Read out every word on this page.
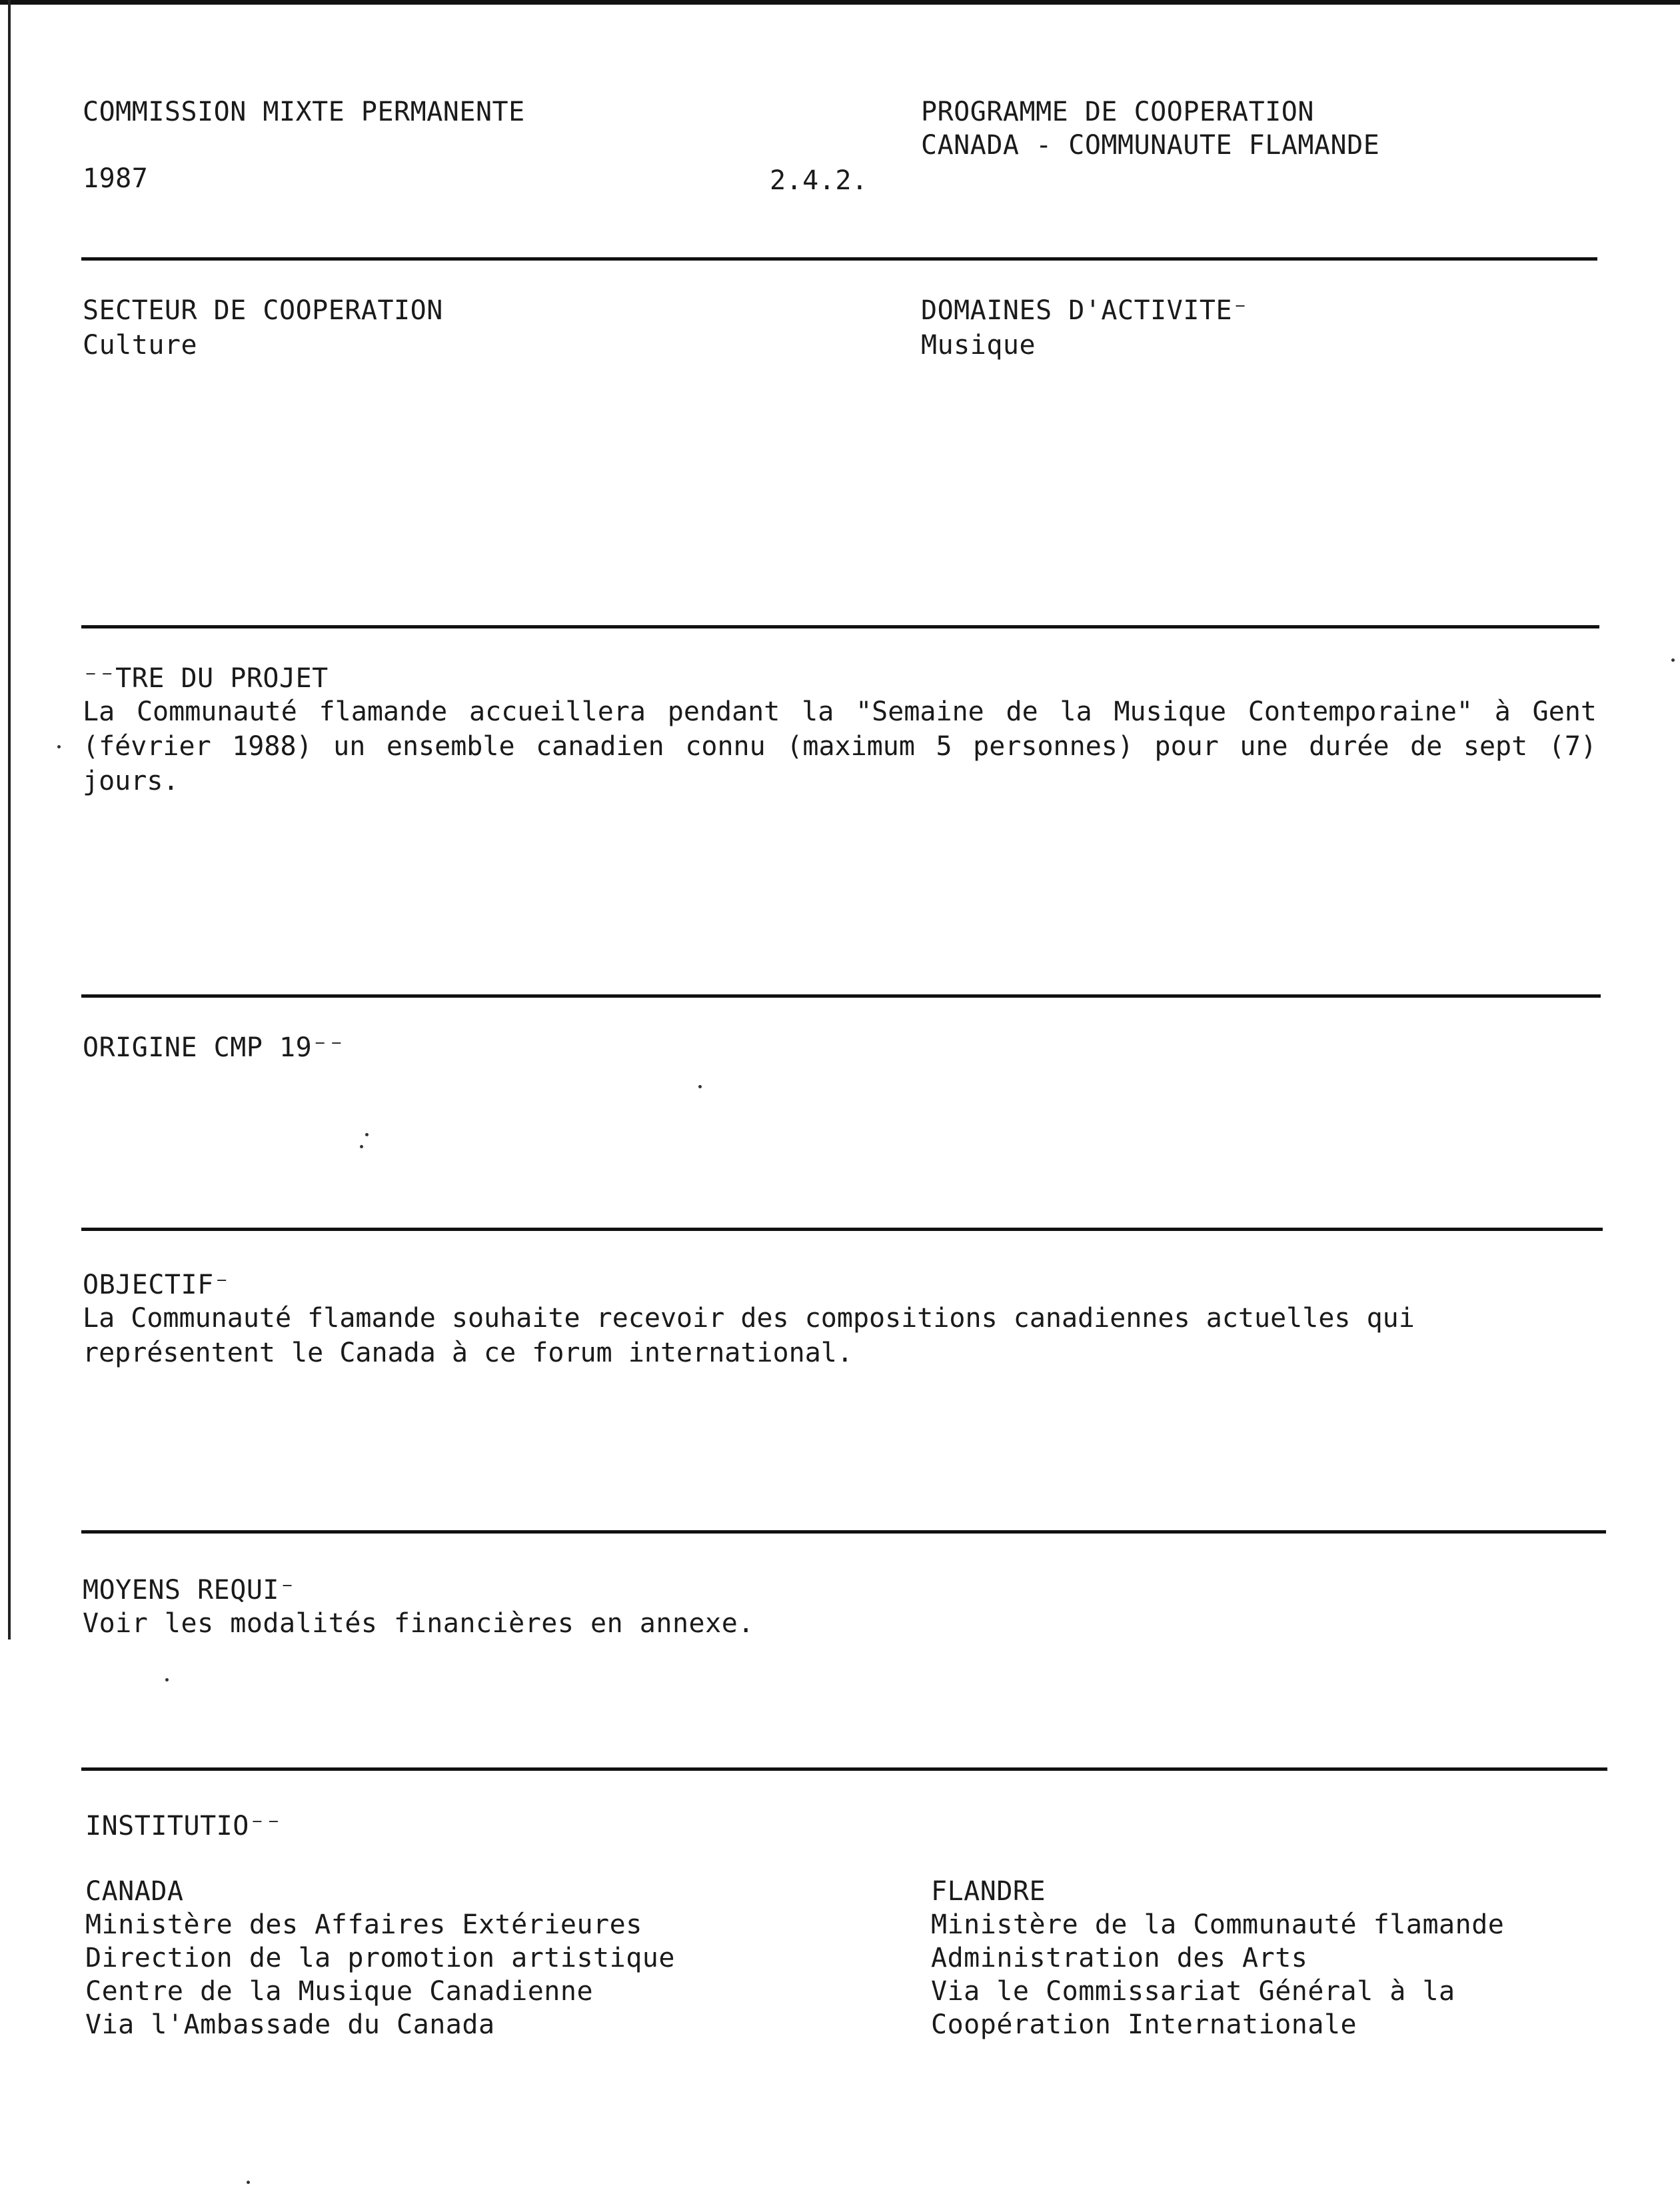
COMMISSION MIXTE PERMANENTE
1987	2.4.2.
PROGRAMME DE COOPERATION
CANADA - COMMUNAUTE FLAMANDE
SECTEUR DE COOPERATION
Culture
DOMAINES D'ACTIVITE⁻
Musique
⁻⁻TRE DU PROJET
La Communauté flamande accueillera pendant la "Semaine de la Musique Contemporaine" à Gent (février 1988) un ensemble canadien connu (maximum 5 personnes) pour une durée de sept (7) jours.
ORIGINE CMP 19⁻⁻
OBJECTIF⁻
La Communauté flamande souhaite recevoir des compositions canadiennes actuelles qui représentent le Canada à ce forum international.
MOYENS REQUI⁻
Voir les modalités financières en annexe.
INSTITUTIO⁻⁻
CANADA
Ministère des Affaires Extérieures
Direction de la promotion artistique
Centre de la Musique Canadienne
Via l'Ambassade du Canada
FLANDRE
Ministère de la Communauté flamande
Administration des Arts
Via le Commissariat Général à la
Coopération Internationale
